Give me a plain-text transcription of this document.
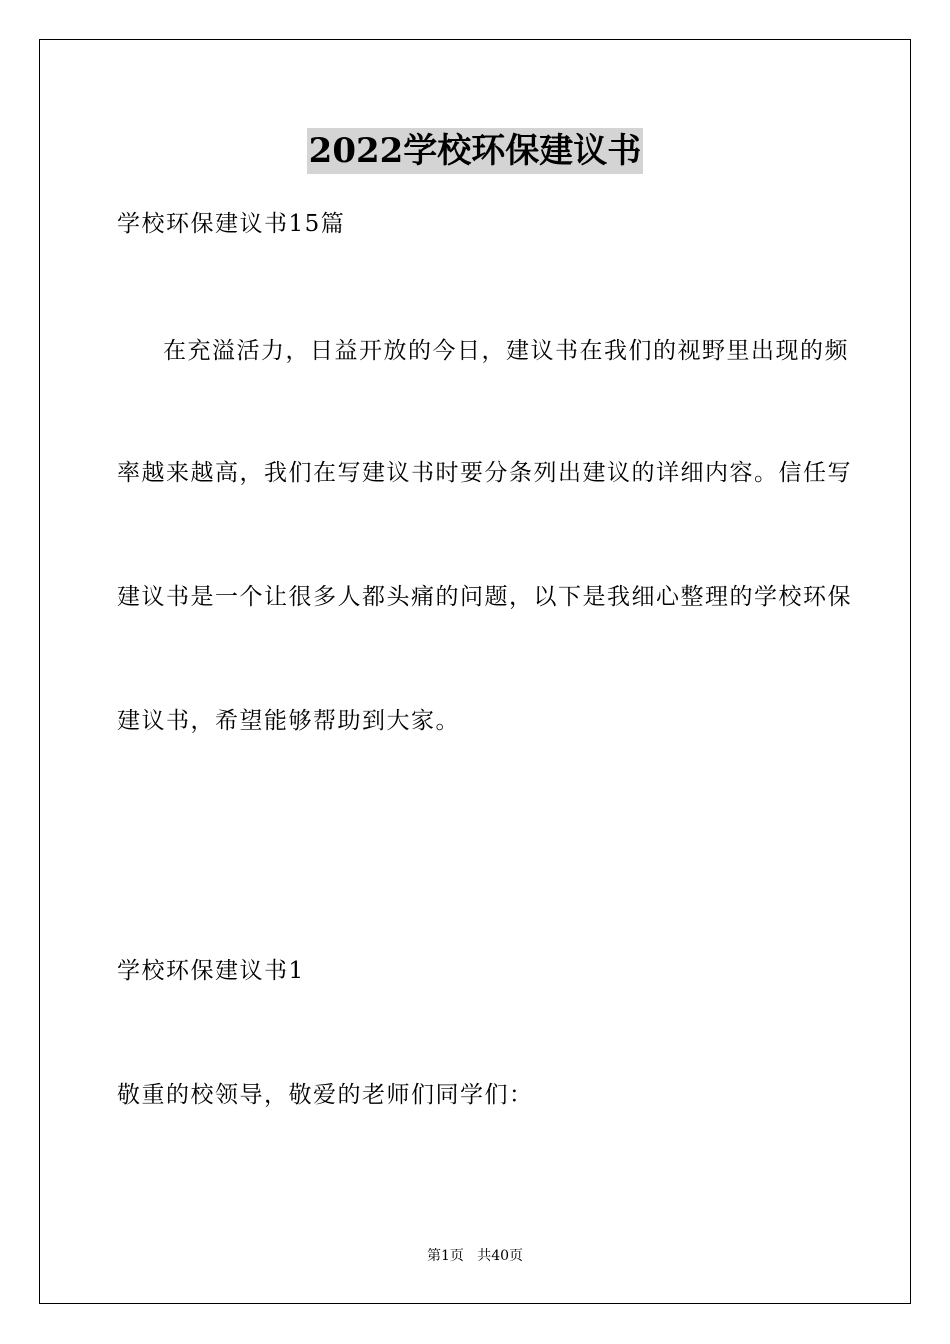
2022学校环保建议书
学校环保建议书15篇
在充溢活力，日益开放的今日，建议书在我们的视野里出现的频
率越来越高，我们在写建议书时要分条列出建议的详细内容。信任写
建议书是一个让很多人都头痛的问题，以下是我细心整理的学校环保
建议书，希望能够帮助到大家。
学校环保建议书1
敬重的校领导，敬爱的老师们同学们：
第1页   共40页
